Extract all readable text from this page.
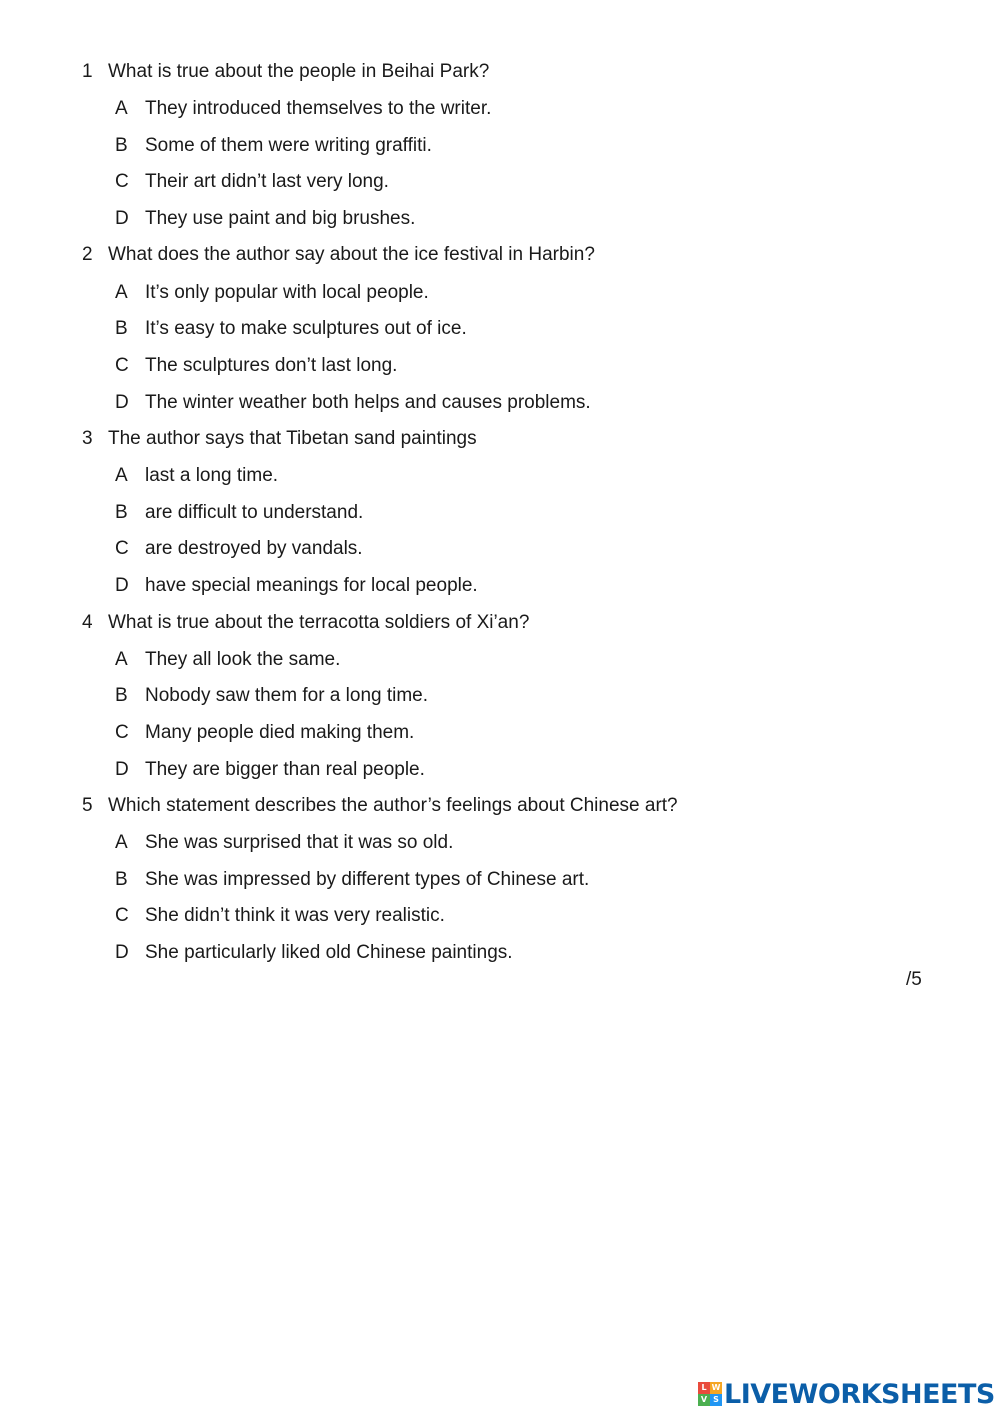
1 What is true about the people in Beihai Park?
A They introduced themselves to the writer.
B Some of them were writing graffiti.
C Their art didn’t last very long.
D They use paint and big brushes.
2 What does the author say about the ice festival in Harbin?
A It’s only popular with local people.
B It’s easy to make sculptures out of ice.
C The sculptures don’t last long.
D The winter weather both helps and causes problems.
3 The author says that Tibetan sand paintings
A last a long time.
B are difficult to understand.
C are destroyed by vandals.
D have special meanings for local people.
4 What is true about the terracotta soldiers of Xi’an?
A They all look the same.
B Nobody saw them for a long time.
C Many people died making them.
D They are bigger than real people.
5 Which statement describes the author’s feelings about Chinese art?
A She was surprised that it was so old.
B She was impressed by different types of Chinese art.
C She didn’t think it was very realistic.
D She particularly liked old Chinese paintings.
/5
L W
V S LIVEWORKSHEETS
